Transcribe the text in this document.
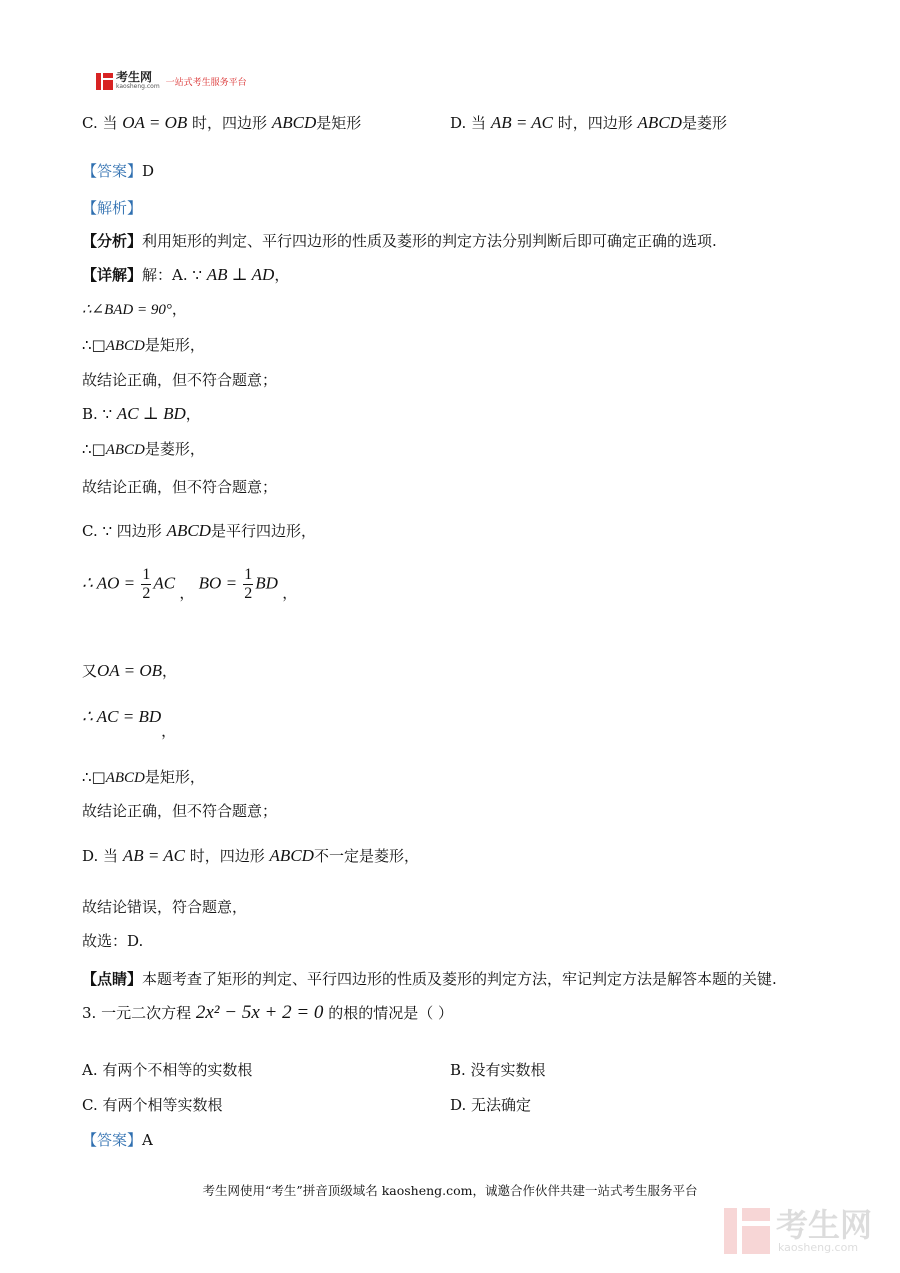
考生网
kaosheng.com 一站式考生服务平台
C. 当 OA = OB 时，四边形 ABCD是矩形	D. 当 AB = AC 时，四边形 ABCD是菱形
【答案】D
【解析】
【分析】利用矩形的判定、平行四边形的性质及菱形的判定方法分别判断后即可确定正确的选项.
【详解】解：A. ∵ AB ⊥ AD，
∴∠BAD = 90°，
∴□ABCD是矩形，
故结论正确，但不符合题意；
B. ∵ AC ⊥ BD，
∴□ABCD是菱形，
故结论正确，但不符合题意；
C. ∵ 四边形 ABCD是平行四边形，
∴ AO = $\frac{1}{2}$ AC ， BO = $\frac{1}{2}$ BD ，
又OA = OB，
∴ AC = BD，
∴□ABCD是矩形，
故结论正确，但不符合题意；
D. 当 AB = AC 时，四边形 ABCD不一定是菱形，
故结论错误，符合题意，
故选：D.
【点睛】本题考查了矩形的判定、平行四边形的性质及菱形的判定方法，牢记判定方法是解答本题的关键.
3. 一元二次方程 2x² − 5x + 2 = 0 的根的情况是（ ）
A. 有两个不相等的实数根	B. 没有实数根
C. 有两个相等实数根	D. 无法确定
【答案】A
考生网使用“考生”拼音顶级域名 kaosheng.com，诚邀合作伙伴共建一站式考生服务平台
考生网
kaosheng.com
